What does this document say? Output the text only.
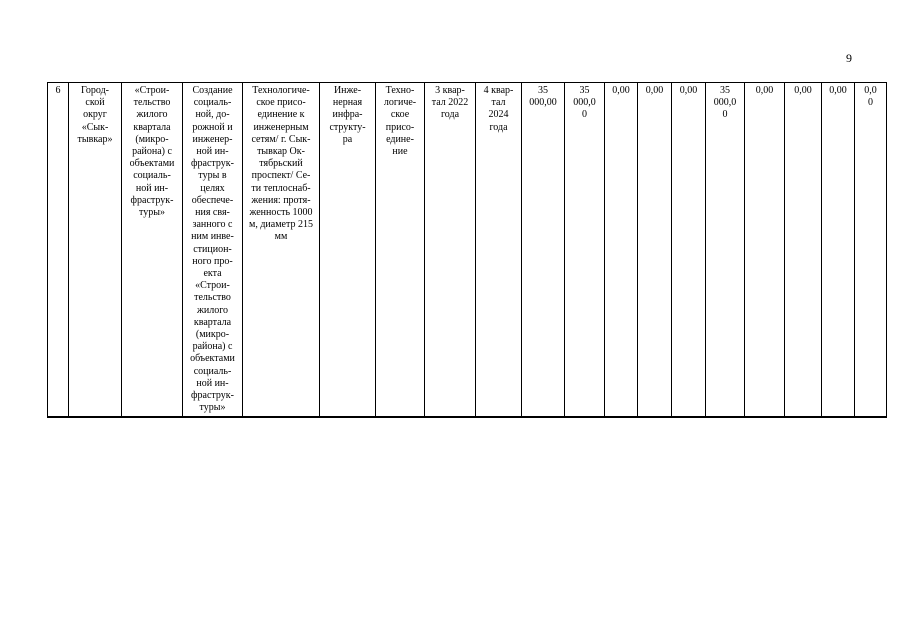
9
6	Город-
ской
округ
«Сык-
тывкар»	«Строи-
тельство
жилого
квартала
(микро-
района) с
объектами
социаль-
ной ин-
фраструк-
туры»	Создание
социаль-
ной, до-
рожной и
инженер-
ной ин-
фраструк-
туры в
целях
обеспече-
ния свя-
занного с
ним инве-
стицион-
ного про-
екта
«Строи-
тельство
жилого
квартала
(микро-
района) с
объектами
социаль-
ной ин-
фраструк-
туры»	Технологиче-
ское присо-
единение к
инженерным
сетям/ г. Сык-
тывкар Ок-
тябрьский
проспект/ Се-
ти теплоснаб-
жения: протя-
женность 1000
м, диаметр 215
мм	Инже-
нерная
инфра-
структу-
ра	Техно-
логиче-
ское
присо-
едине-
ние	3 квар-
тал 2022
года	4 квар-
тал
2024
года	35
000,00	35
000,0
0	0,00	0,00	0,00	35
000,0
0	0,00	0,00	0,00	0,0
0
